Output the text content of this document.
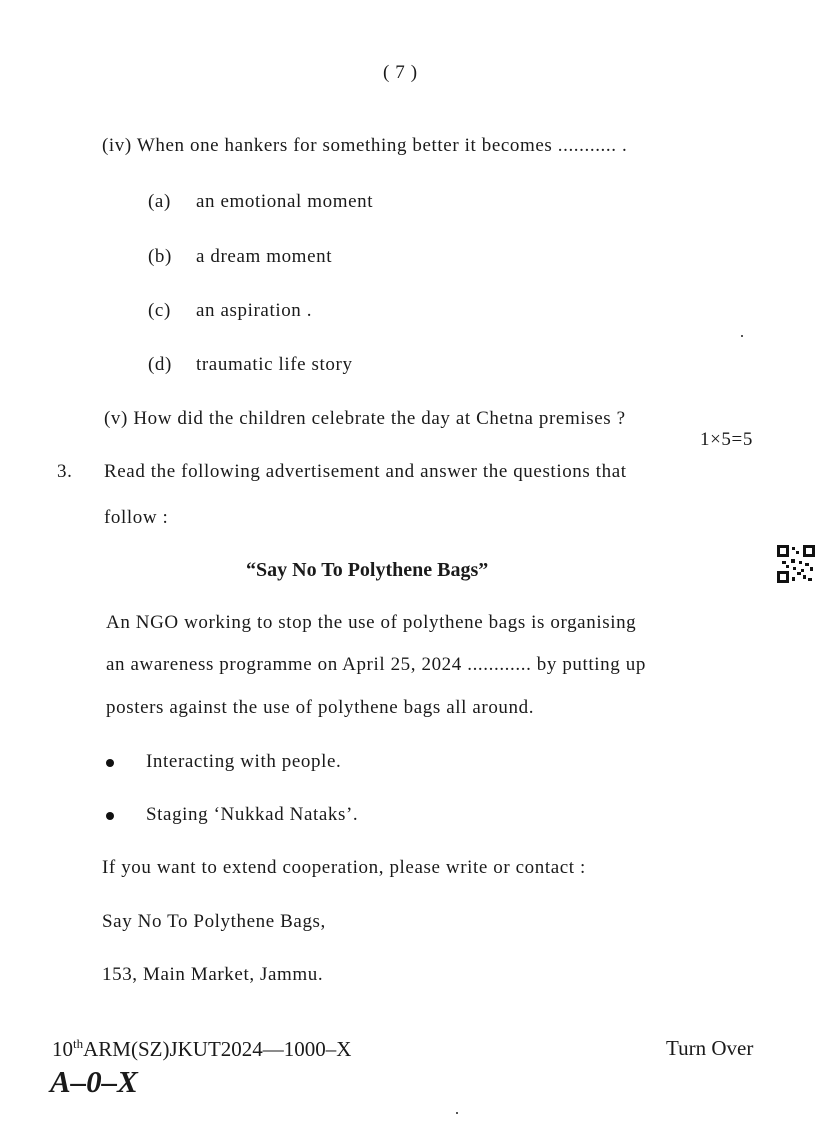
( 7 )
(iv) When one hankers for something better it becomes ........... .
(a) an emotional moment
(b) a dream moment
(c) an aspiration .
(d) traumatic life story
(v) How did the children celebrate the day at Chetna premises ?
1×5=5
3. Read the following advertisement and answer the questions that
follow :
“Say No To Polythene Bags”
An NGO working to stop the use of polythene bags is organising
an awareness programme on April 25, 2024 ............ by putting up
posters against the use of polythene bags all around.
Interacting with people.
Staging ‘Nukkad Nataks’.
If you want to extend cooperation, please write or contact :
Say No To Polythene Bags,
153, Main Market, Jammu.
10thARM(SZ)JKUT2024—1000–X	Turn Over
A–0–X
